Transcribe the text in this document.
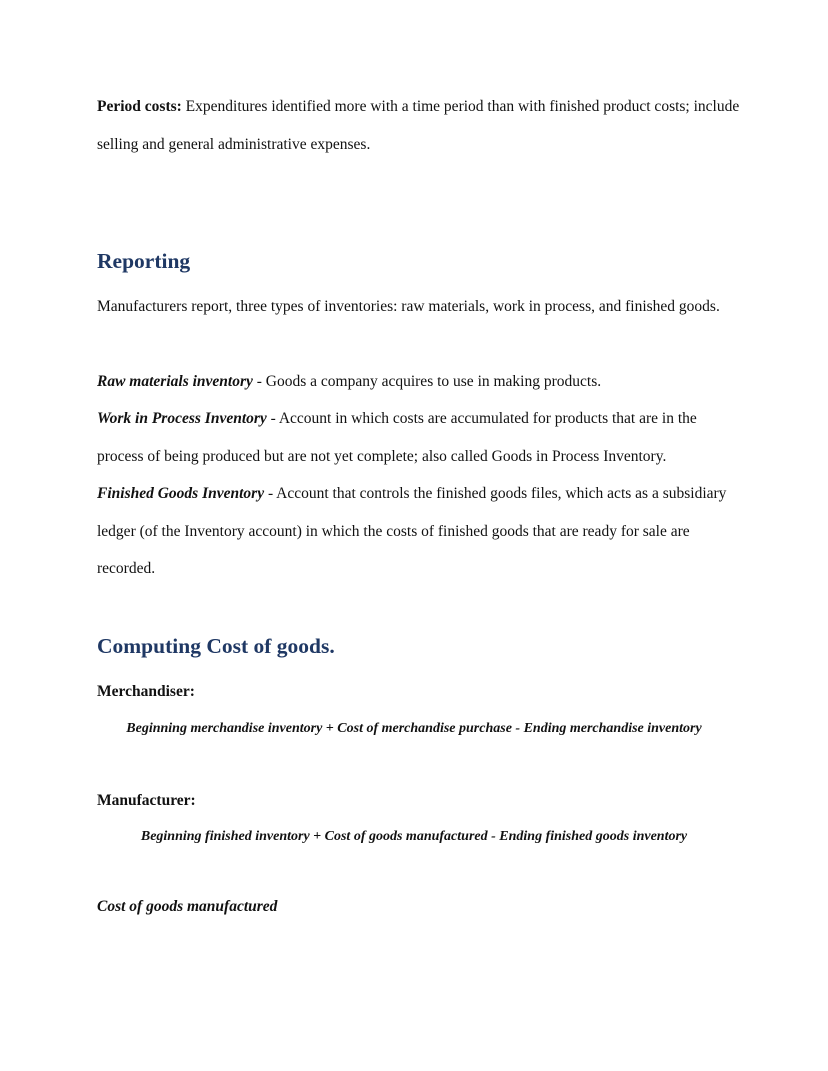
Period costs: Expenditures identified more with a time period than with finished product costs; include selling and general administrative expenses.

Reporting

Manufacturers report, three types of inventories: raw materials, work in process, and finished goods.

Raw materials inventory - Goods a company acquires to use in making products.

Work in Process Inventory - Account in which costs are accumulated for products that are in the process of being produced but are not yet complete; also called Goods in Process Inventory.

Finished Goods Inventory - Account that controls the finished goods files, which acts as a subsidiary ledger (of the Inventory account) in which the costs of finished goods that are ready for sale are recorded.

Computing Cost of goods.

Merchandiser:

Beginning merchandise inventory + Cost of merchandise purchase - Ending merchandise inventory

Manufacturer:

Beginning finished inventory + Cost of goods manufactured - Ending finished goods inventory

Cost of goods manufactured
